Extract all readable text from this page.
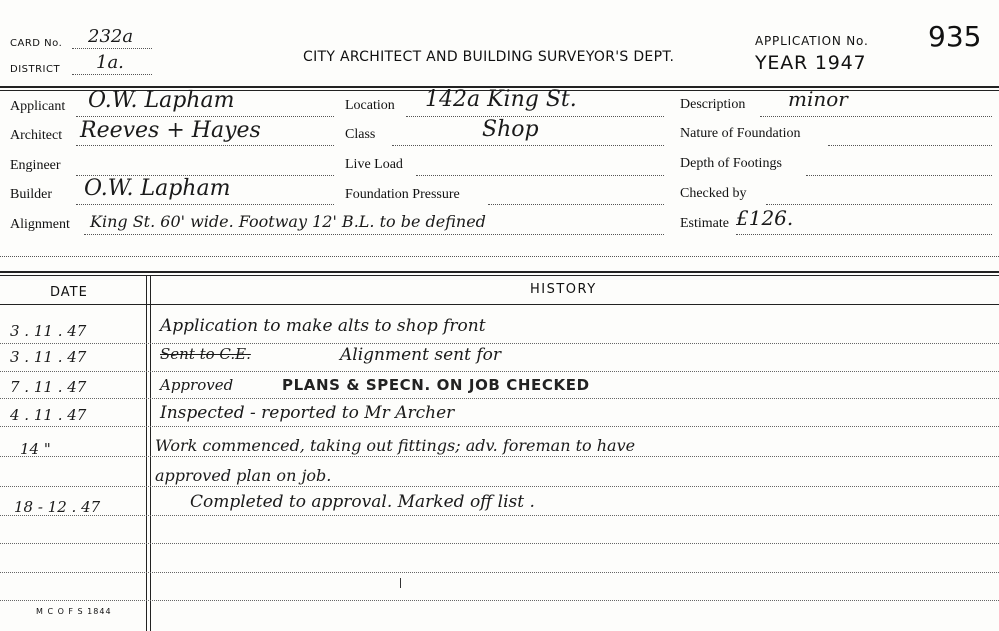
CARD No. 232a
DISTRICT 1a.	CITY ARCHITECT AND BUILDING SURVEYOR'S DEPT.
APPLICATION No. 935
YEAR 1947
Applicant O.W. Lapham
Architect Reeves + Hayes
Engineer
Builder O.W. Lapham
Alignment King St. 60' wide. Footway 12' B.L. to be defined
Location 142a King St.
Class	Shop
Live Load
Foundation Pressure
Description minor
Nature of Foundation
Depth of Footings
Checked by
Estimate £126.
DATE	HISTORY
3 . 11 . 47	Application to make alts to shop front
3 . 11 . 47	Sent to C.E.	Alignment sent for
7 . 11 . 47	Approved	PLANS & SPECN. ON JOB CHECKED
4 . 11 . 47	Inspected - reported to Mr Archer
14 "	Work commenced, taking out fittings; adv. foreman to have
approved plan on job.
18 - 12 . 47	Completed to approval. Marked off list .
M C O F S 1844
